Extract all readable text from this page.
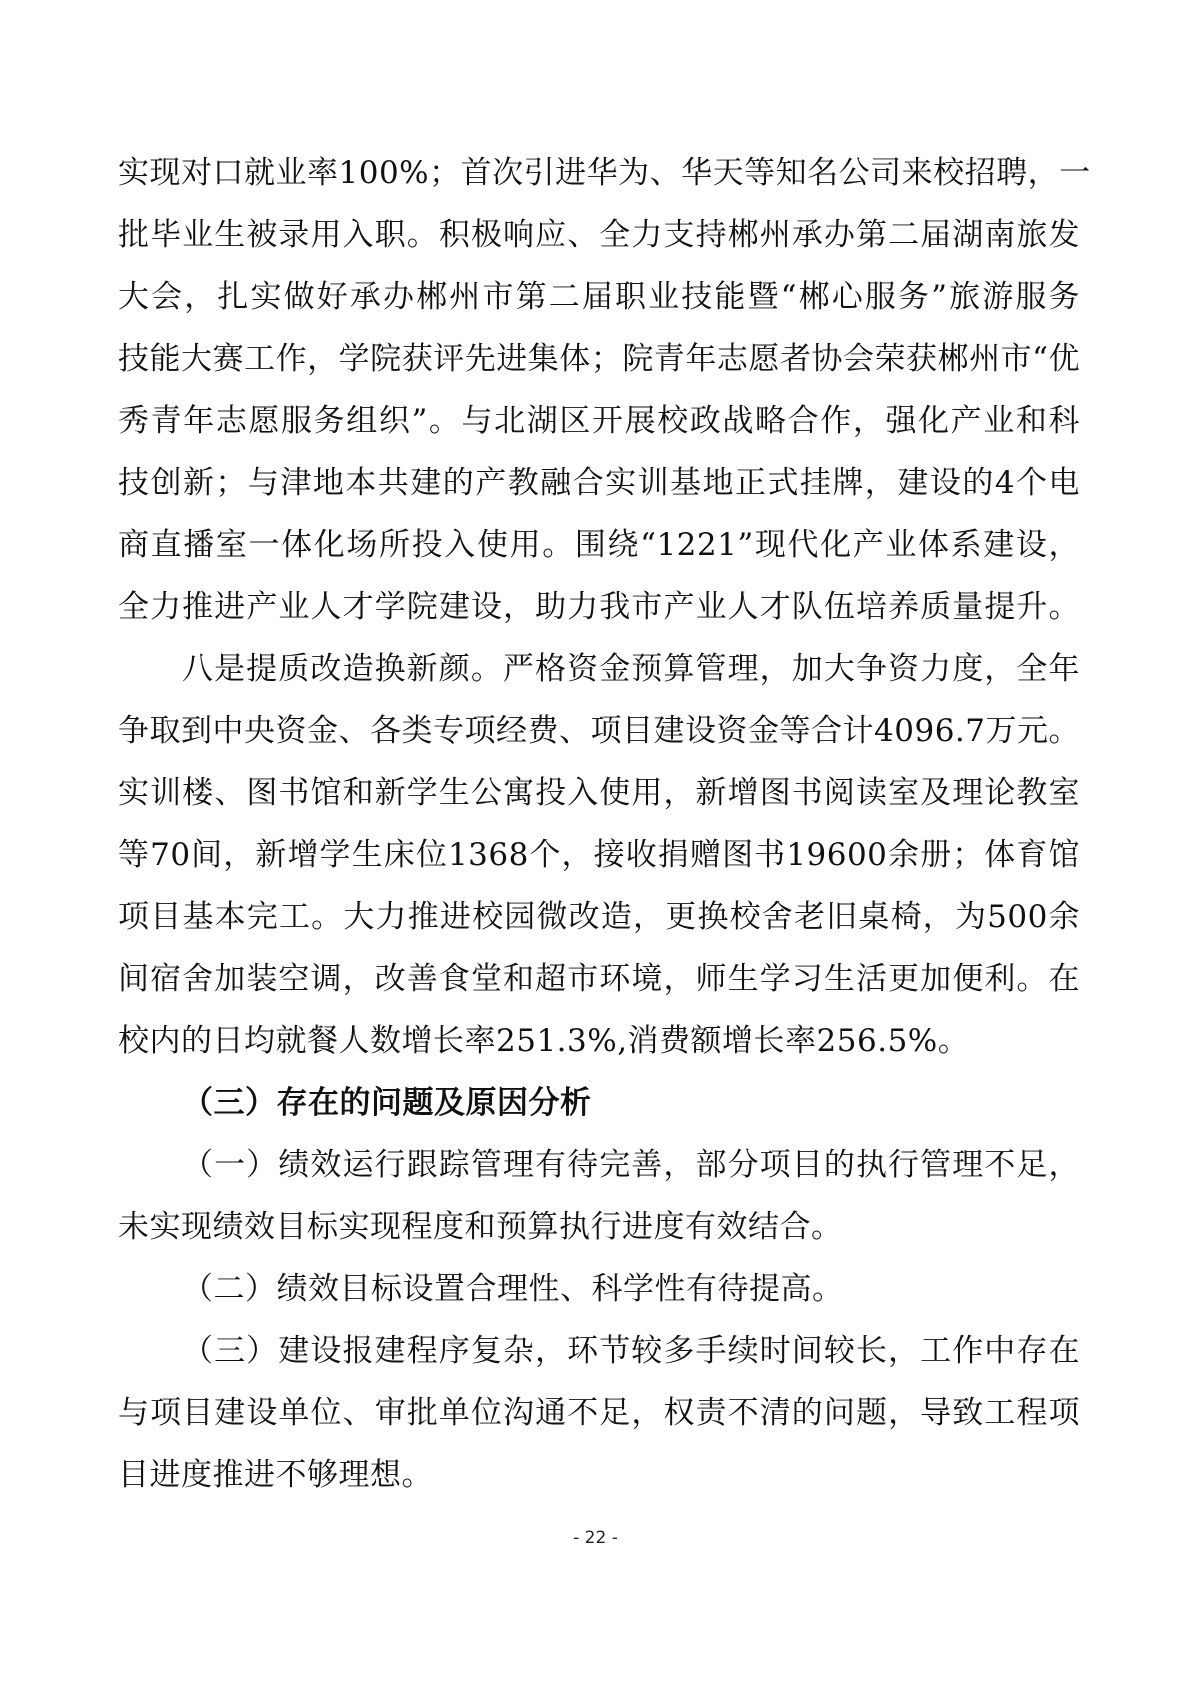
实现对口就业率100%；首次引进华为、华天等知名公司来校招聘，一
批毕业生被录用入职。积极响应、全力支持郴州承办第二届湖南旅发
大会，扎实做好承办郴州市第二届职业技能暨“郴心服务”旅游服务
技能大赛工作，学院获评先进集体；院青年志愿者协会荣获郴州市“优
秀青年志愿服务组织”。与北湖区开展校政战略合作，强化产业和科
技创新；与津地本共建的产教融合实训基地正式挂牌，建设的4个电
商直播室一体化场所投入使用。围绕“1221”现代化产业体系建设，
全力推进产业人才学院建设，助力我市产业人才队伍培养质量提升。
八是提质改造换新颜。严格资金预算管理，加大争资力度，全年
争取到中央资金、各类专项经费、项目建设资金等合计4096.7万元。
实训楼、图书馆和新学生公寓投入使用，新增图书阅读室及理论教室
等70间，新增学生床位1368个，接收捐赠图书19600余册；体育馆
项目基本完工。大力推进校园微改造，更换校舍老旧桌椅，为500余
间宿舍加装空调，改善食堂和超市环境，师生学习生活更加便利。在
校内的日均就餐人数增长率251.3%,消费额增长率256.5%。
（三）存在的问题及原因分析
（一）绩效运行跟踪管理有待完善，部分项目的执行管理不足，
未实现绩效目标实现程度和预算执行进度有效结合。
（二）绩效目标设置合理性、科学性有待提高。
（三）建设报建程序复杂，环节较多手续时间较长，工作中存在
与项目建设单位、审批单位沟通不足，权责不清的问题，导致工程项
目进度推进不够理想。
- 22 -
